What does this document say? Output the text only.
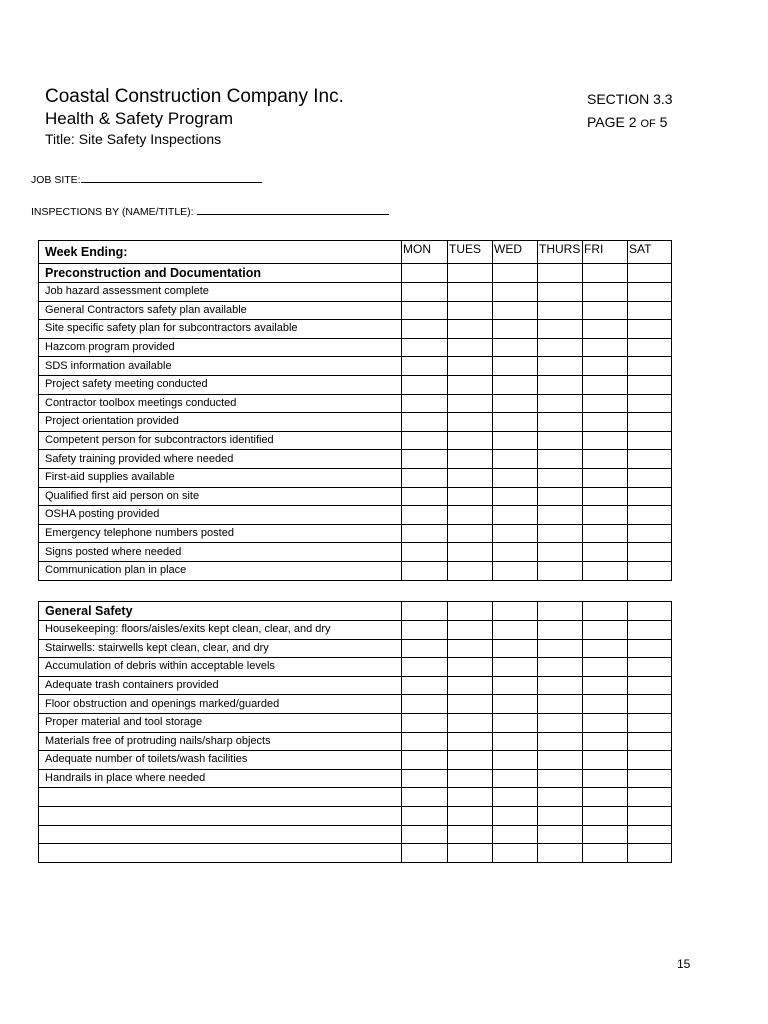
Coastal Construction Company Inc.
Health & Safety Program
Title: Site Safety Inspections
SECTION 3.3
PAGE 2 OF 5
JOB SITE:
INSPECTIONS BY (NAME/TITLE):
Week Ending:	MON	TUES	WED	THURS	FRI	SAT
Preconstruction and Documentation						
Job hazard assessment complete						
General Contractors safety plan available						
Site specific safety plan for subcontractors available						
Hazcom program provided						
SDS information available						
Project safety meeting conducted						
Contractor toolbox meetings conducted						
Project orientation provided						
Competent person for subcontractors identified						
Safety training provided where needed						
First-aid supplies available						
Qualified first aid person on site						
OSHA posting provided						
Emergency telephone numbers posted						
Signs posted where needed						
Communication plan in place						
General Safety						
Housekeeping: floors/aisles/exits kept clean, clear, and dry						
Stairwells: stairwells kept clean, clear, and dry						
Accumulation of debris within acceptable levels						
Adequate trash containers provided						
Floor obstruction and openings marked/guarded						
Proper material and tool storage						
Materials free of protruding nails/sharp objects						
Adequate number of toilets/wash facilities						
Handrails in place where needed						

15
